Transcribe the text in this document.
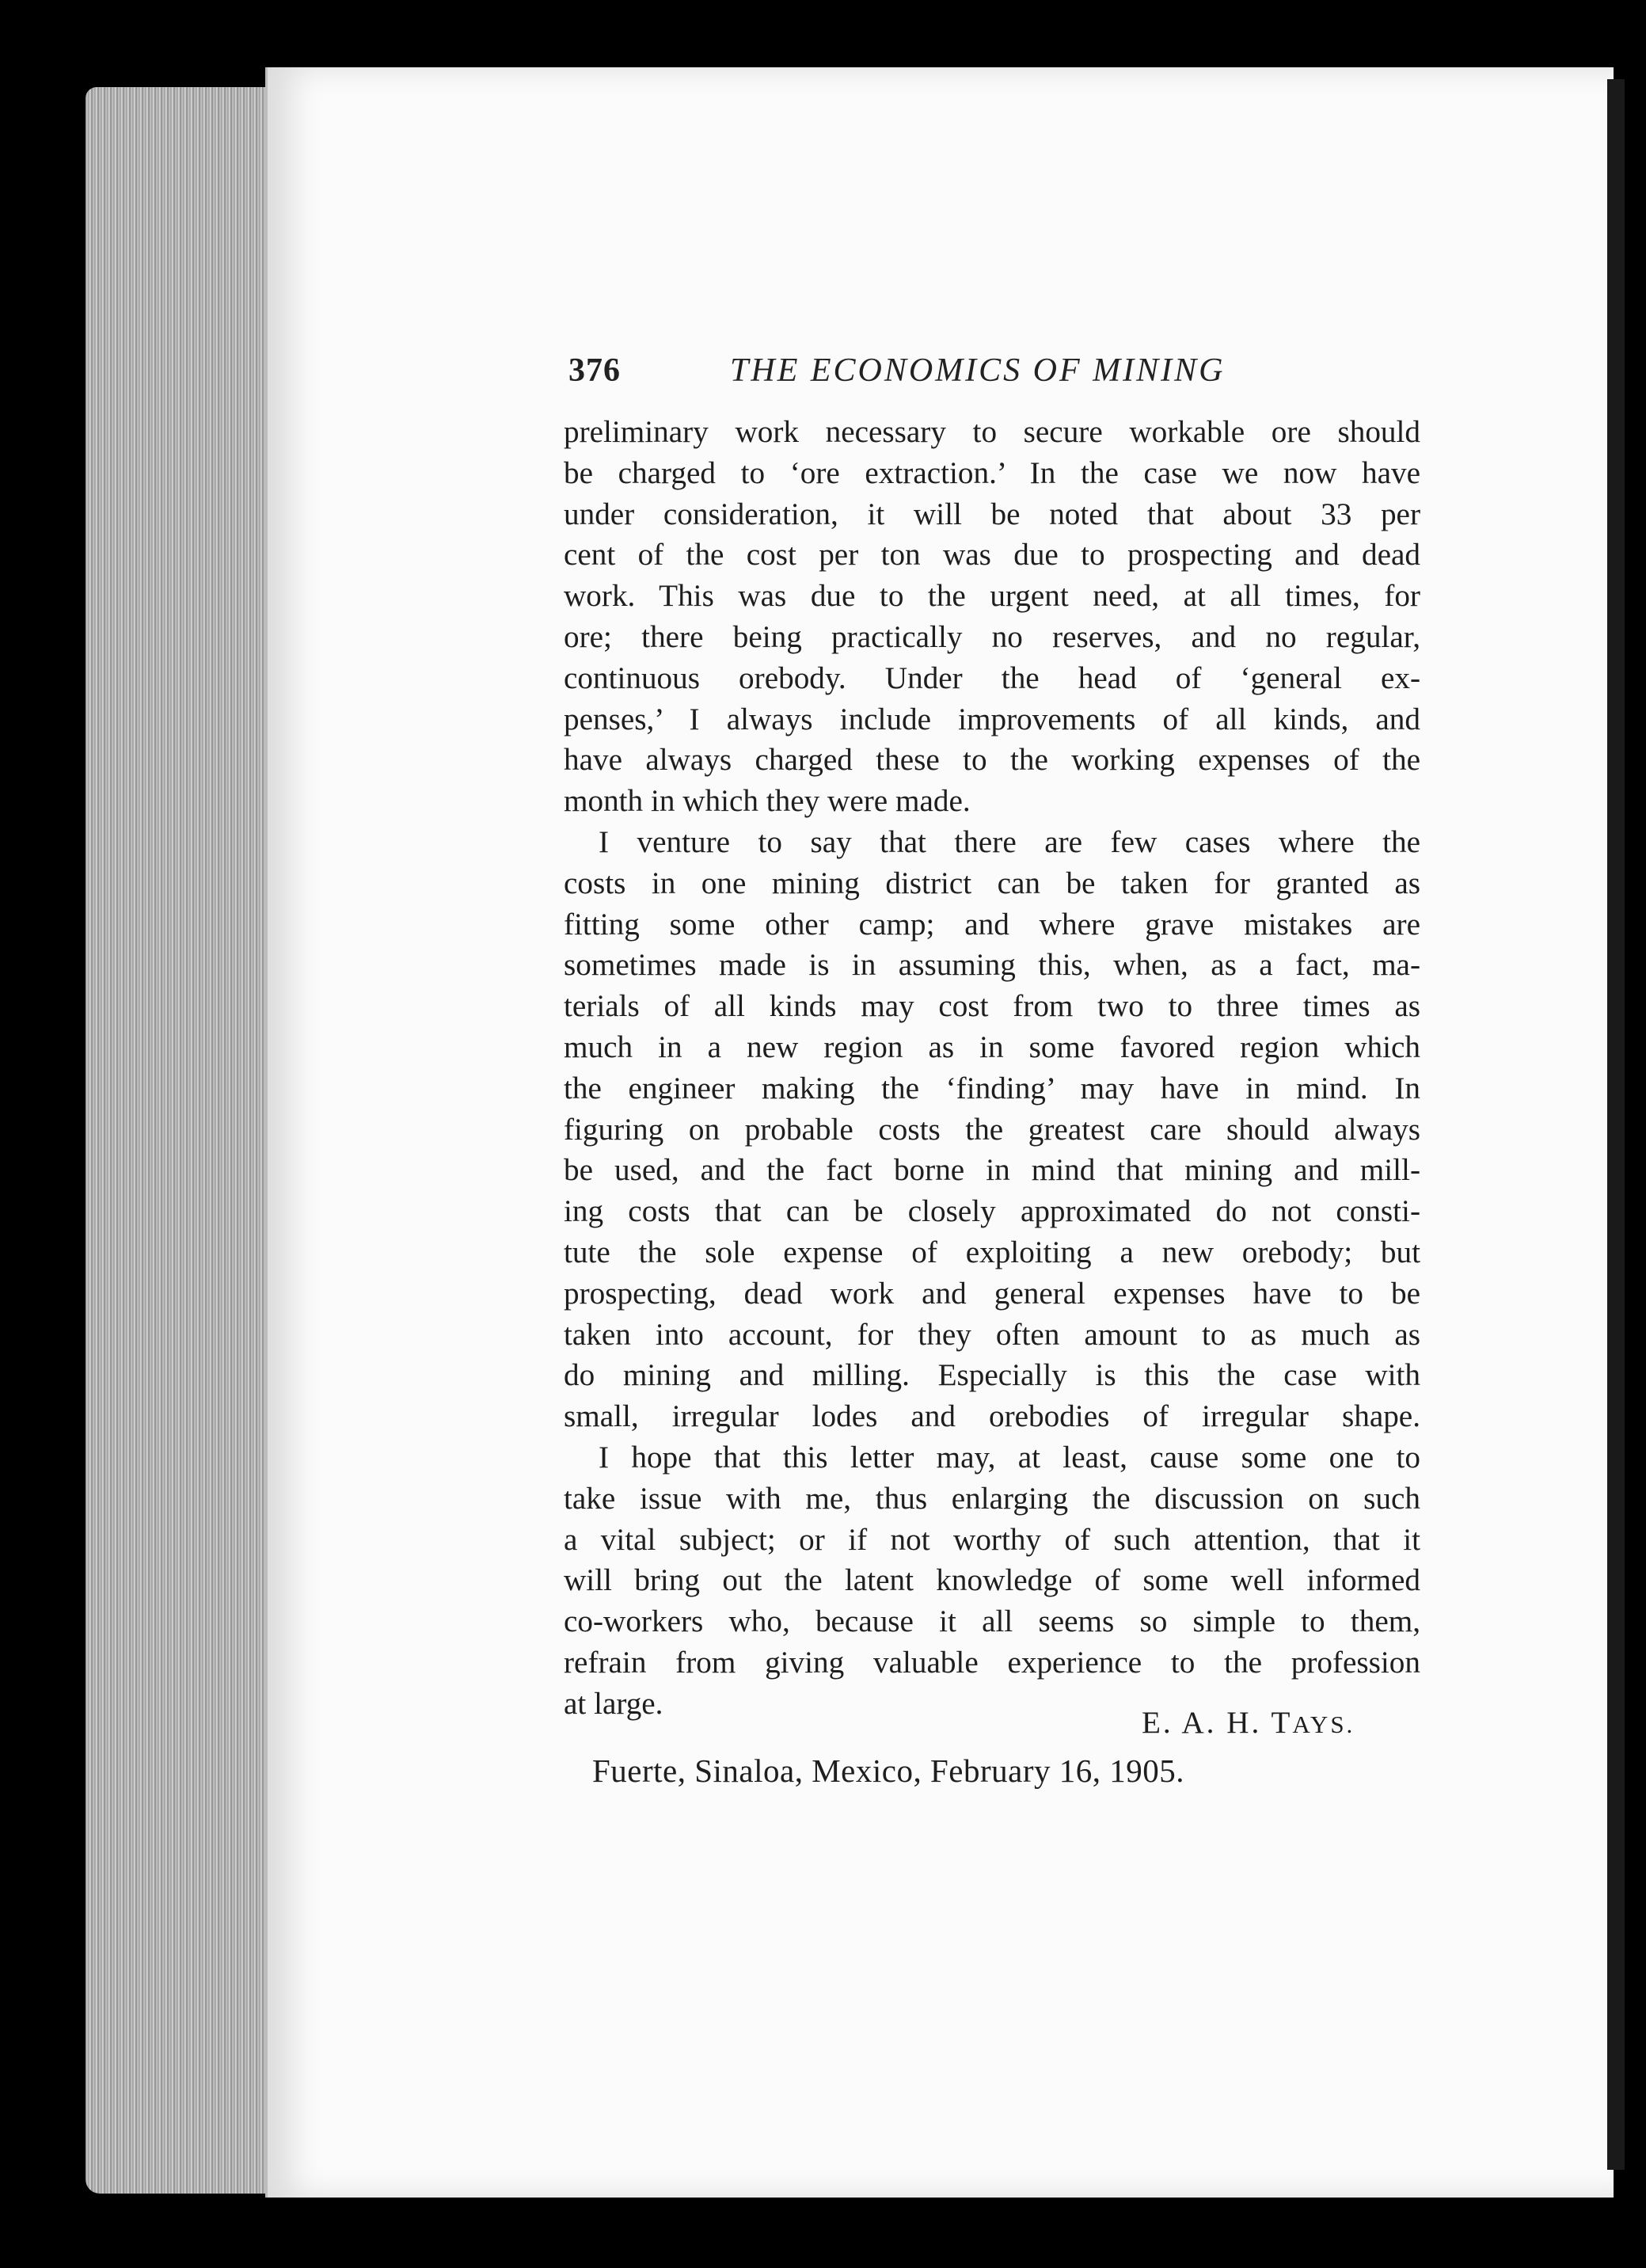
376	THE ECONOMICS OF MINING
preliminary work necessary to secure workable ore should
be charged to ‘ore extraction.’ In the case we now have
under consideration, it will be noted that about 33 per
cent of the cost per ton was due to prospecting and dead
work. This was due to the urgent need, at all times, for
ore; there being practically no reserves, and no regular,
continuous orebody. Under the head of ‘general ex-
penses,’ I always include improvements of all kinds, and
have always charged these to the working expenses of the
month in which they were made.
I venture to say that there are few cases where the
costs in one mining district can be taken for granted as
fitting some other camp; and where grave mistakes are
sometimes made is in assuming this, when, as a fact, ma-
terials of all kinds may cost from two to three times as
much in a new region as in some favored region which
the engineer making the ‘finding’ may have in mind. In
figuring on probable costs the greatest care should always
be used, and the fact borne in mind that mining and mill-
ing costs that can be closely approximated do not consti-
tute the sole expense of exploiting a new orebody; but
prospecting, dead work and general expenses have to be
taken into account, for they often amount to as much as
do mining and milling. Especially is this the case with
small, irregular lodes and orebodies of irregular shape.
I hope that this letter may, at least, cause some one to
take issue with me, thus enlarging the discussion on such
a vital subject; or if not worthy of such attention, that it
will bring out the latent knowledge of some well informed
co-workers who, because it all seems so simple to them,
refrain from giving valuable experience to the profession
at large.
E. A. H. TAYS.
Fuerte, Sinaloa, Mexico, February 16, 1905.
